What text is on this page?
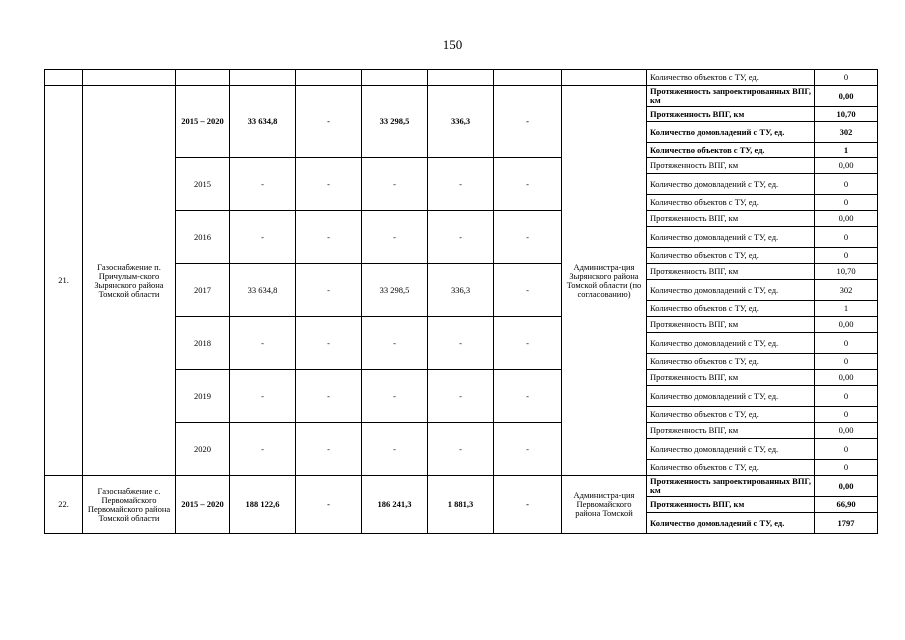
150
									Количество объектов с ТУ, ед.	0
21.	Газоснабжение п. Причулым-ского Зырянского района Томской области	2015 – 2020	33 634,8	-	33 298,5	336,3	-	Администра-ция Зырянского района Томской области (по согласованию)	Протяженность запроектированных ВПГ, км	0,00
									Протяженность ВПГ, км	10,70
									Количество домовладений с ТУ, ед.	302
									Количество объектов с ТУ, ед.	1
		2015	-	-	-	-	-		Протяженность ВПГ, км	0,00
									Количество домовладений с ТУ, ед.	0
									Количество объектов с ТУ, ед.	0
		2016	-	-	-	-	-		Протяженность ВПГ, км	0,00
									Количество домовладений с ТУ, ед.	0
									Количество объектов с ТУ, ед.	0
		2017	33 634,8	-	33 298,5	336,3	-		Протяженность ВПГ, км	10,70
									Количество домовладений с ТУ, ед.	302
									Количество объектов с ТУ, ед.	1
		2018	-	-	-	-	-		Протяженность ВПГ, км	0,00
									Количество домовладений с ТУ, ед.	0
									Количество объектов с ТУ, ед.	0
		2019	-	-	-	-	-		Протяженность ВПГ, км	0,00
									Количество домовладений с ТУ, ед.	0
									Количество объектов с ТУ, ед.	0
		2020	-	-	-	-	-		Протяженность ВПГ, км	0,00
									Количество домовладений с ТУ, ед.	0
									Количество объектов с ТУ, ед.	0
22.	Газоснабжение с. Первомайского Первомайского района Томской области	2015 – 2020	188 122,6	-	186 241,3	1 881,3	-	Администра-ция Первомайского района Томской	Протяженность запроектированных ВПГ, км	0,00
									Протяженность ВПГ, км	66,90
									Количество домовладений с ТУ, ед.	1797
